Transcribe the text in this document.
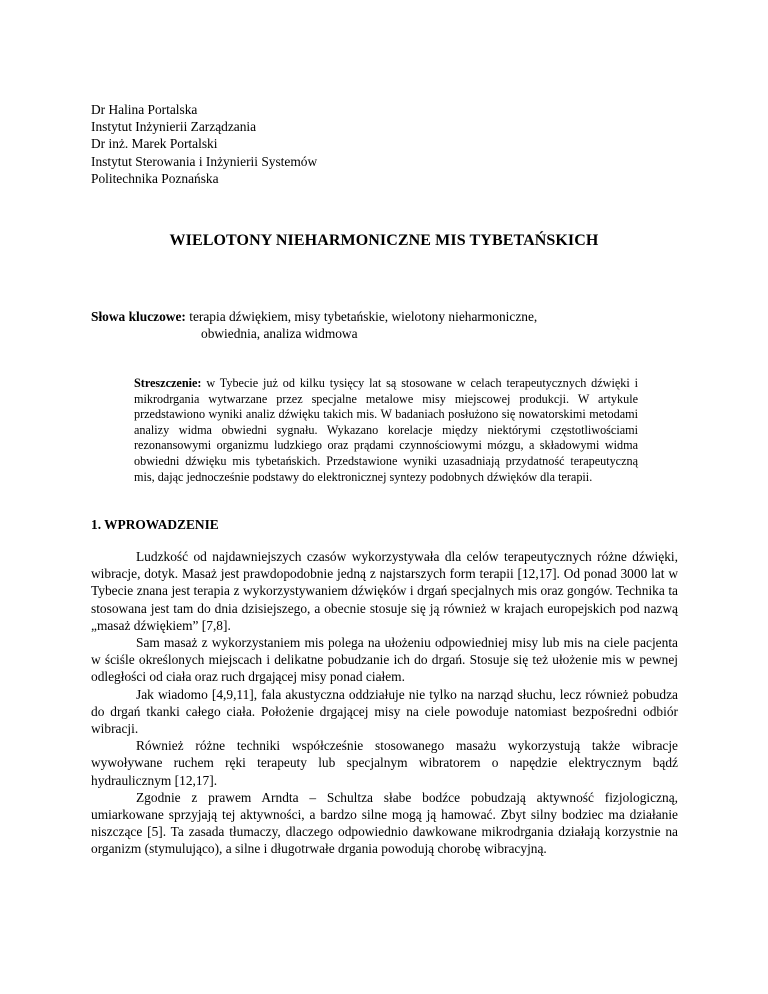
Dr Halina Portalska
Instytut Inżynierii Zarządzania
Dr inż. Marek Portalski
Instytut Sterowania i Inżynierii Systemów
Politechnika Poznańska
WIELOTONY NIEHARMONICZNE MIS TYBETAŃSKICH
Słowa kluczowe: terapia dźwiękiem, misy tybetańskie, wielotony nieharmoniczne,
obwiednia, analiza widmowa
Streszczenie: w Tybecie już od kilku tysięcy lat są stosowane w celach terapeutycznych dźwięki i mikrodrgania wytwarzane przez specjalne metalowe misy miejscowej produkcji. W artykule przedstawiono wyniki analiz dźwięku takich mis. W badaniach posłużono się nowatorskimi metodami analizy widma obwiedni sygnału. Wykazano korelacje między niektórymi częstotliwościami rezonansowymi organizmu ludzkiego oraz prądami czynnościowymi mózgu, a składowymi widma obwiedni dźwięku mis tybetańskich. Przedstawione wyniki uzasadniają przydatność terapeutyczną mis, dając jednocześnie podstawy do elektronicznej syntezy podobnych dźwięków dla terapii.
1. WPROWADZENIE

Ludzkość od najdawniejszych czasów wykorzystywała dla celów terapeutycznych różne dźwięki, wibracje, dotyk. Masaż jest prawdopodobnie jedną z najstarszych form terapii [12,17]. Od ponad 3000 lat w Tybecie znana jest terapia z wykorzystywaniem dźwięków i drgań specjalnych mis oraz gongów. Technika ta stosowana jest tam do dnia dzisiejszego, a obecnie stosuje się ją również w krajach europejskich pod nazwą „masaż dźwiękiem” [7,8].

Sam masaż z wykorzystaniem mis polega na ułożeniu odpowiedniej misy lub mis na ciele pacjenta w ściśle określonych miejscach i delikatne pobudzanie ich do drgań. Stosuje się też ułożenie mis w pewnej odległości od ciała oraz ruch drgającej misy ponad ciałem.

Jak wiadomo [4,9,11], fala akustyczna oddziałuje nie tylko na narząd słuchu, lecz również pobudza do drgań tkanki całego ciała. Położenie drgającej misy na ciele powoduje natomiast bezpośredni odbiór wibracji.

Również różne techniki współcześnie stosowanego masażu wykorzystują także wibracje wywoływane ruchem ręki terapeuty lub specjalnym wibratorem o napędzie elektrycznym bądź hydraulicznym [12,17].

Zgodnie z prawem Arndta – Schultza słabe bodźce pobudzają aktywność fizjologiczną, umiarkowane sprzyjają tej aktywności, a bardzo silne mogą ją hamować. Zbyt silny bodziec ma działanie niszczące [5]. Ta zasada tłumaczy, dlaczego odpowiednio dawkowane mikrodrgania działają korzystnie na organizm (stymulująco), a silne i długotrwałe drgania powodują chorobę wibracyjną.
